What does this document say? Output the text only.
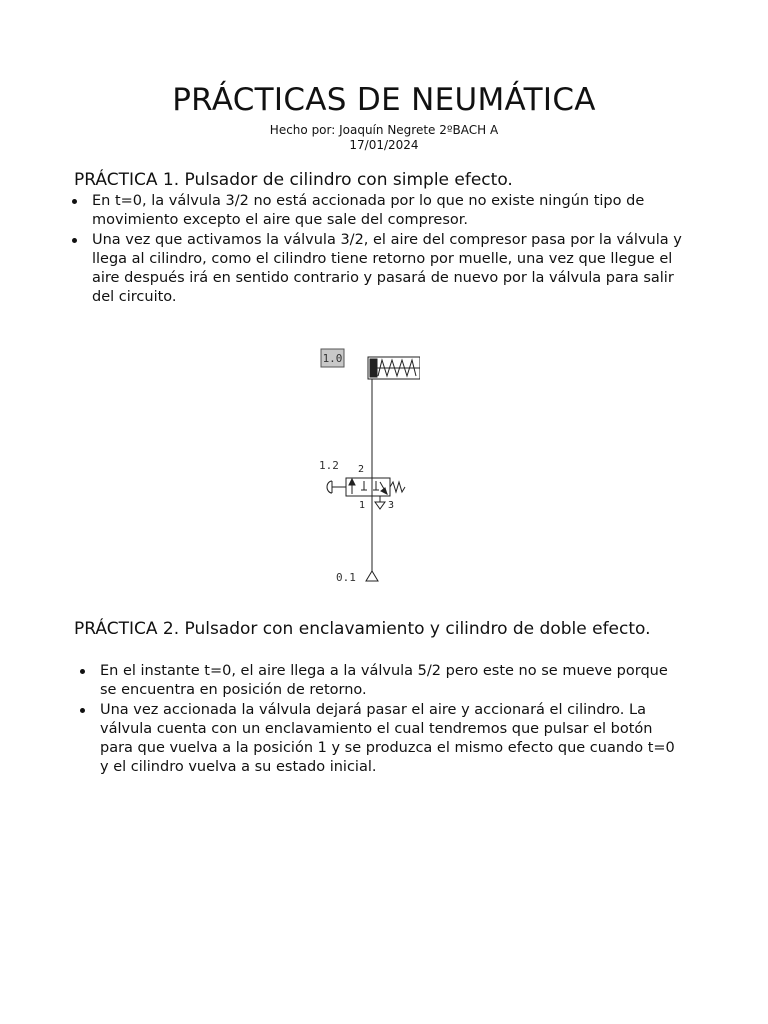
PRÁCTICAS DE NEUMÁTICA
Hecho por: Joaquín Negrete 2ºBACH A
17/01/2024
PRÁCTICA 1. Pulsador de cilindro con simple efecto.
En t=0, la válvula 3/2 no está accionada por lo que no existe ningún tipo de movimiento excepto el aire que sale del compresor.
Una vez que activamos la válvula 3/2, el aire del compresor pasa por la válvula y llega al cilindro, como el cilindro tiene retorno por muelle, una vez que llegue el aire después irá en sentido contrario y pasará de nuevo por la válvula para salir del circuito.
1.0
1.2 2
1 3
0.1
PRÁCTICA 2. Pulsador con enclavamiento y cilindro de doble efecto.
En el instante t=0, el aire llega a la válvula 5/2 pero este no se mueve porque se encuentra en posición de retorno.
Una vez accionada la válvula dejará pasar el aire y accionará el cilindro. La válvula cuenta con un enclavamiento el cual tendremos que pulsar el botón para que vuelva a la posición 1 y se produzca el mismo efecto que cuando t=0 y el cilindro vuelva a su estado inicial.
